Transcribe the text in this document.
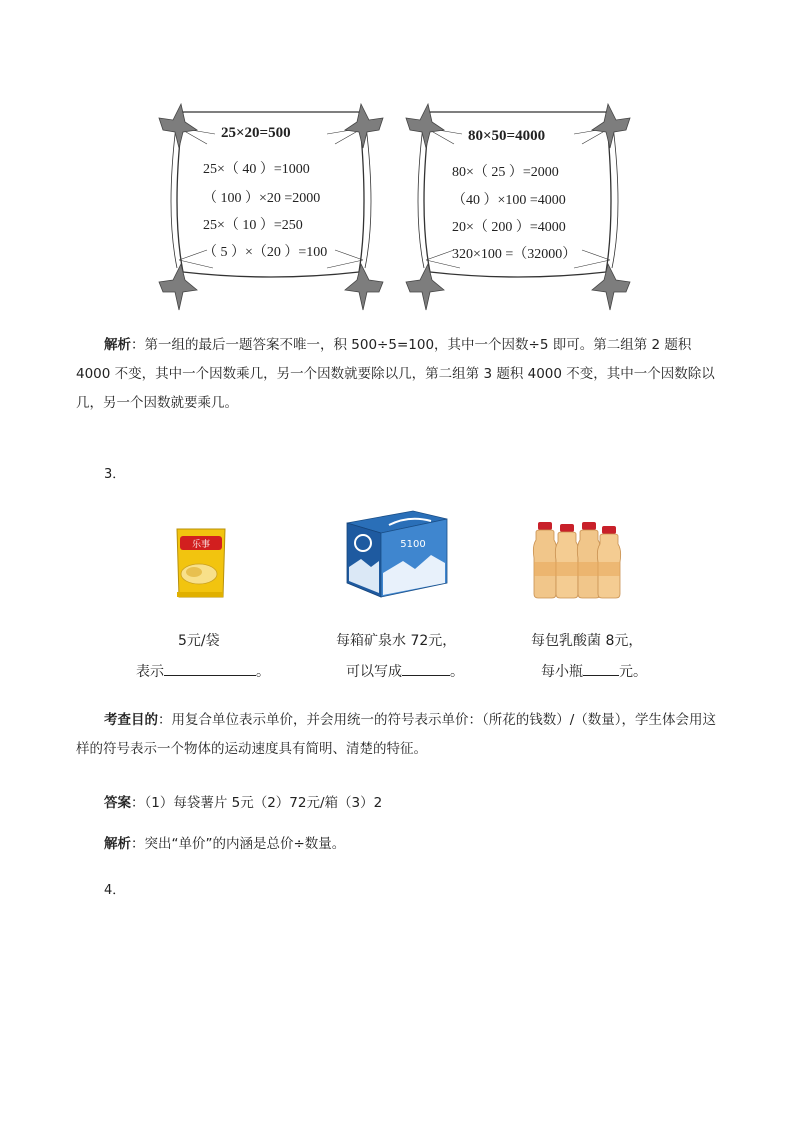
25×20=500
25×（ 40 ）=1000
（ 100 ）×20 =2000
25×（ 10 ）=250
（ 5 ）×（20 ）=100
80×50=4000
80×（ 25 ）=2000
（40 ）×100 =4000
20×（ 200 ）=4000
320×100 =（32000）
解析：第一组的最后一题答案不唯一，积 500÷5=100，其中一个因数÷5 即可。第二组第 2 题积 4000 不变，其中一个因数乘几，另一个因数就要除以几，第二组第 3 题积 4000 不变，其中一个因数除以几，另一个因数就要乘几。
3．
乐事	5100
5元/袋
表示	。
每箱矿泉水 72元，
可以写成	。
每包乳酸菌 8元，
每小瓶	元。
考查目的：用复合单位表示单价，并会用统一的符号表示单价：（所花的钱数）/（数量），学生体会用这样的符号表示一个物体的运动速度具有简明、清楚的特征。
答案：（1）每袋薯片 5元（2）72元/箱（3）2
解析：突出“单价”的内涵是总价÷数量。
4．
